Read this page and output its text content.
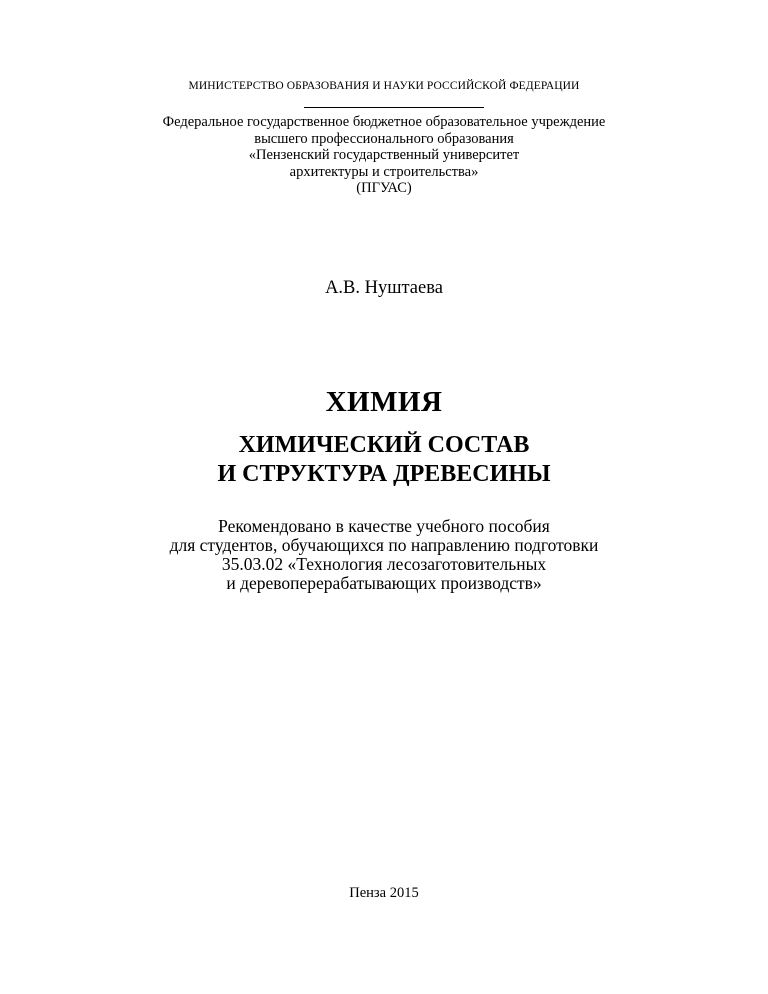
МИНИСТЕРСТВО ОБРАЗОВАНИЯ И НАУКИ РОССИЙСКОЙ ФЕДЕРАЦИИ
Федеральное государственное бюджетное образовательное учреждение
высшего профессионального образования
«Пензенский государственный университет
архитектуры и строительства»
(ПГУАС)
А.В. Нуштаева
ХИМИЯ
ХИМИЧЕСКИЙ СОСТАВ
И СТРУКТУРА ДРЕВЕСИНЫ
Рекомендовано в качестве учебного пособия
для студентов, обучающихся по направлению подготовки
35.03.02 «Технология лесозаготовительных
и деревоперерабатывающих производств»
Пенза 2015
